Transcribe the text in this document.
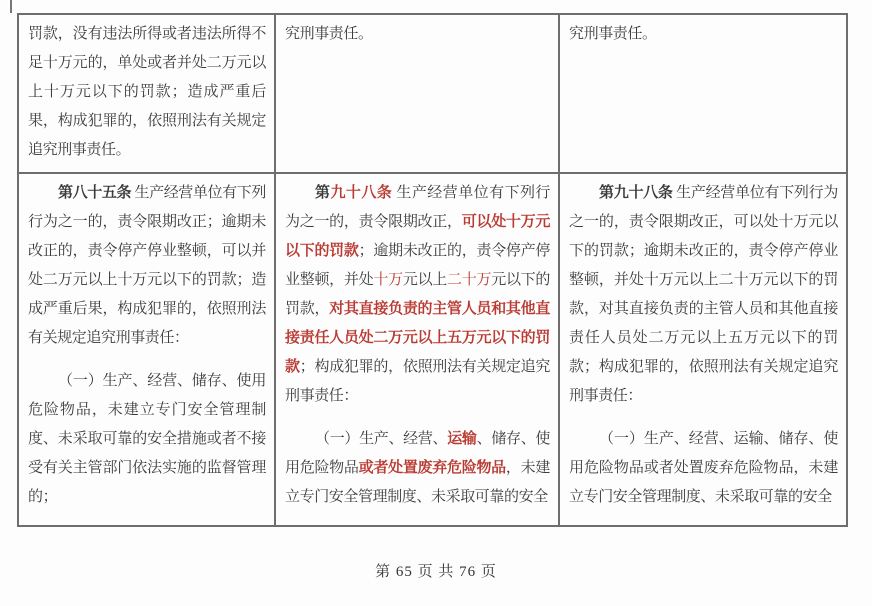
罚款，没有违法所得或者违法所得不足十万元的，单处或者并处二万元以上十万元以下的罚款；造成严重后果，构成犯罪的，依照刑法有关规定追究刑事责任。

究刑事责任。	究刑事责任。

第八十五条 生产经营单位有下列行为之一的，责令限期改正；逾期未改正的，责令停产停业整顿，可以并处二万元以上十万元以下的罚款；造成严重后果，构成犯罪的，依照刑法有关规定追究刑事责任：

（一）生产、经营、储存、使用危险物品，未建立专门安全管理制度、未采取可靠的安全措施或者不接受有关主管部门依法实施的监督管理的；

第九十八条 生产经营单位有下列行为之一的，责令限期改正，可以处十万元以下的罚款；逾期未改正的，责令停产停业整顿，并处十万元以上二十万元以下的罚款，对其直接负责的主管人员和其他直接责任人员处二万元以上五万元以下的罚款；构成犯罪的，依照刑法有关规定追究刑事责任：

（一）生产、经营、运输、储存、使用危险物品或者处置废弃危险物品，未建立专门安全管理制度、未采取可靠的安全

第九十八条 生产经营单位有下列行为之一的，责令限期改正，可以处十万元以下的罚款；逾期未改正的，责令停产停业整顿，并处十万元以上二十万元以下的罚款，对其直接负责的主管人员和其他直接责任人员处二万元以上五万元以下的罚款；构成犯罪的，依照刑法有关规定追究刑事责任：

（一）生产、经营、运输、储存、使用危险物品或者处置废弃危险物品，未建立专门安全管理制度、未采取可靠的安全

第 65 页 共 76 页
